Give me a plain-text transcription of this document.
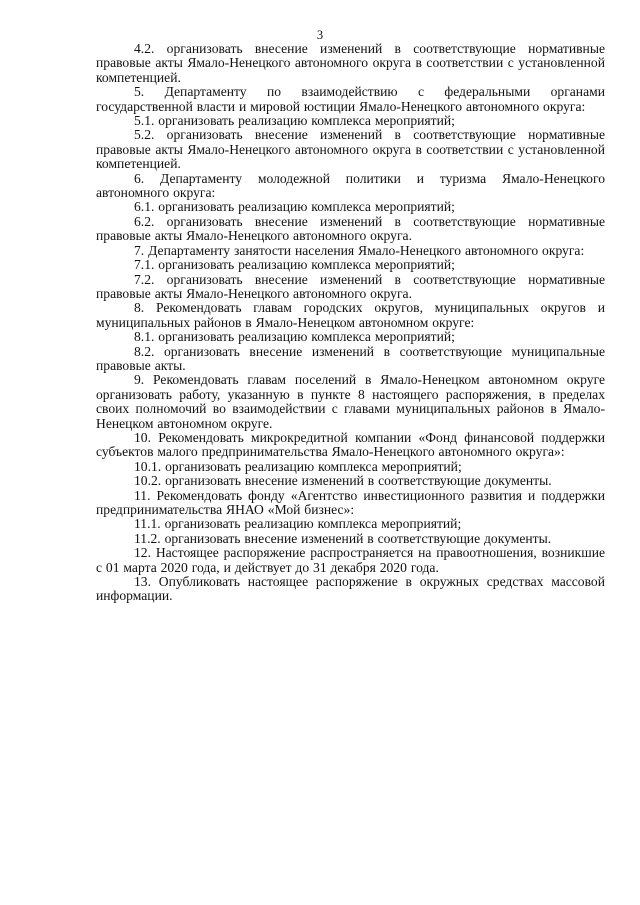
3

4.2. организовать внесение изменений в соответствующие нормативные правовые акты Ямало-Ненецкого автономного округа в соответствии с установленной компетенцией.

5. Департаменту по взаимодействию с федеральными органами государственной власти и мировой юстиции Ямало-Ненецкого автономного округа:

5.1. организовать реализацию комплекса мероприятий;

5.2. организовать внесение изменений в соответствующие нормативные правовые акты Ямало-Ненецкого автономного округа в соответствии с установленной компетенцией.

6. Департаменту молодежной политики и туризма Ямало-Ненецкого автономного округа:

6.1. организовать реализацию комплекса мероприятий;

6.2. организовать внесение изменений в соответствующие нормативные правовые акты Ямало-Ненецкого автономного округа.

7. Департаменту занятости населения Ямало-Ненецкого автономного округа:

7.1. организовать реализацию комплекса мероприятий;

7.2. организовать внесение изменений в соответствующие нормативные правовые акты Ямало-Ненецкого автономного округа.

8. Рекомендовать главам городских округов, муниципальных округов и муниципальных районов в Ямало-Ненецком автономном округе:

8.1. организовать реализацию комплекса мероприятий;

8.2. организовать внесение изменений в соответствующие муниципальные правовые акты.

9. Рекомендовать главам поселений в Ямало-Ненецком автономном округе организовать работу, указанную в пункте 8 настоящего распоряжения, в пределах своих полномочий во взаимодействии с главами муниципальных районов в Ямало-Ненецком автономном округе.

10. Рекомендовать микрокредитной компании «Фонд финансовой поддержки субъектов малого предпринимательства Ямало-Ненецкого автономного округа»:

10.1. организовать реализацию комплекса мероприятий;

10.2. организовать внесение изменений в соответствующие документы.

11. Рекомендовать фонду «Агентство инвестиционного развития и поддержки предпринимательства ЯНАО «Мой бизнес»:

11.1. организовать реализацию комплекса мероприятий;

11.2. организовать внесение изменений в соответствующие документы.

12. Настоящее распоряжение распространяется на правоотношения, возникшие с 01 марта 2020 года, и действует до 31 декабря 2020 года.

13. Опубликовать настоящее распоряжение в окружных средствах массовой информации.
